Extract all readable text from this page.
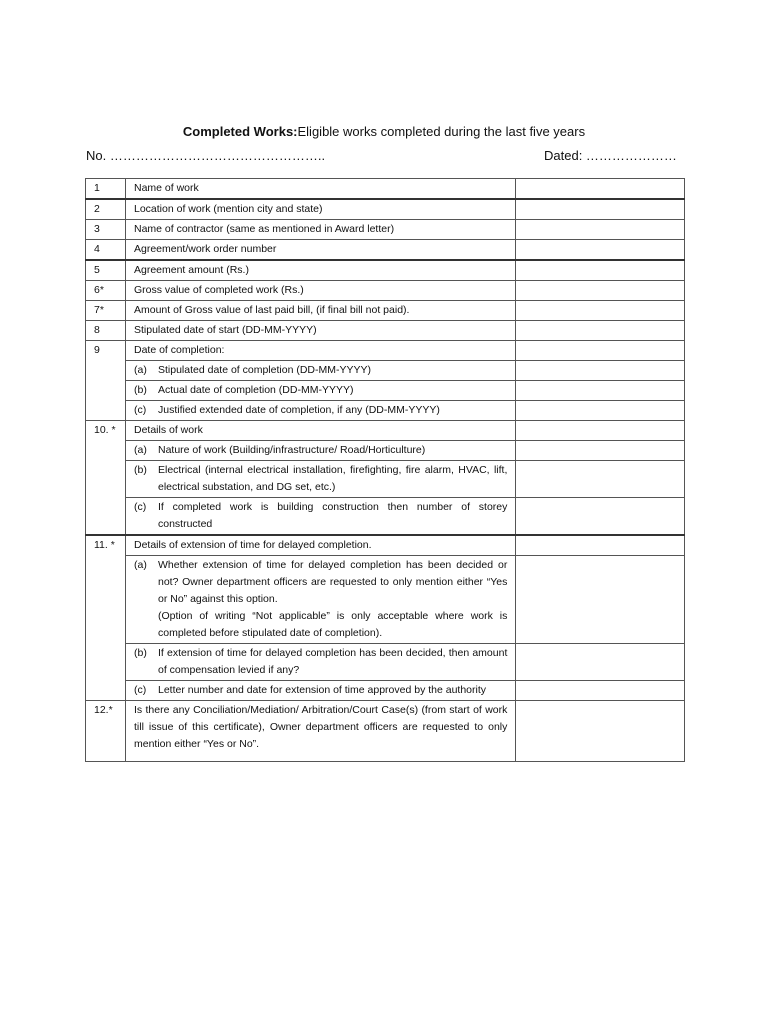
Completed Works:Eligible works completed during the last five years
No. …………………………………………..	Dated: …………………
1	Name of work	
2	Location of work (mention city and state)	
3	Name of contractor (same as mentioned in Award letter)	
4	Agreement/work order number	
5	Agreement amount (Rs.)	
6*	Gross value of completed work (Rs.)	
7*	Amount of Gross value of last paid bill, (if final bill not paid).	
8	Stipulated date of start (DD-MM-YYYY)	
9	Date of completion:	

	(a) Stipulated date of completion (DD-MM-YYYY)	

	(b) Actual date of completion (DD-MM-YYYY)	

	(c) Justified extended date of completion, if any (DD-MM-YYYY)	

10. *	Details of work	

	(a) Nature of work (Building/infrastructure/ Road/Horticulture)	

	(b) Electrical (internal electrical installation, firefighting, fire alarm, HVAC, lift, electrical substation, and DG set, etc.)	

	(c) If completed work is building construction then number of storey constructed	

11. *	Details of extension of time for delayed completion.	

	(a) Whether extension of time for delayed completion has been decided or not? Owner department officers are requested to only mention either “Yes or No” against this option.
(Option of writing “Not applicable” is only acceptable where work is completed before stipulated date of completion).	

	(b) If extension of time for delayed completion has been decided, then amount of compensation levied if any?	

	(c) Letter number and date for extension of time approved by the authority	

12.*	Is there any Conciliation/Mediation/ Arbitration/Court Case(s) (from start of work till issue of this certificate), Owner department officers are requested to only mention either “Yes or No”.	
